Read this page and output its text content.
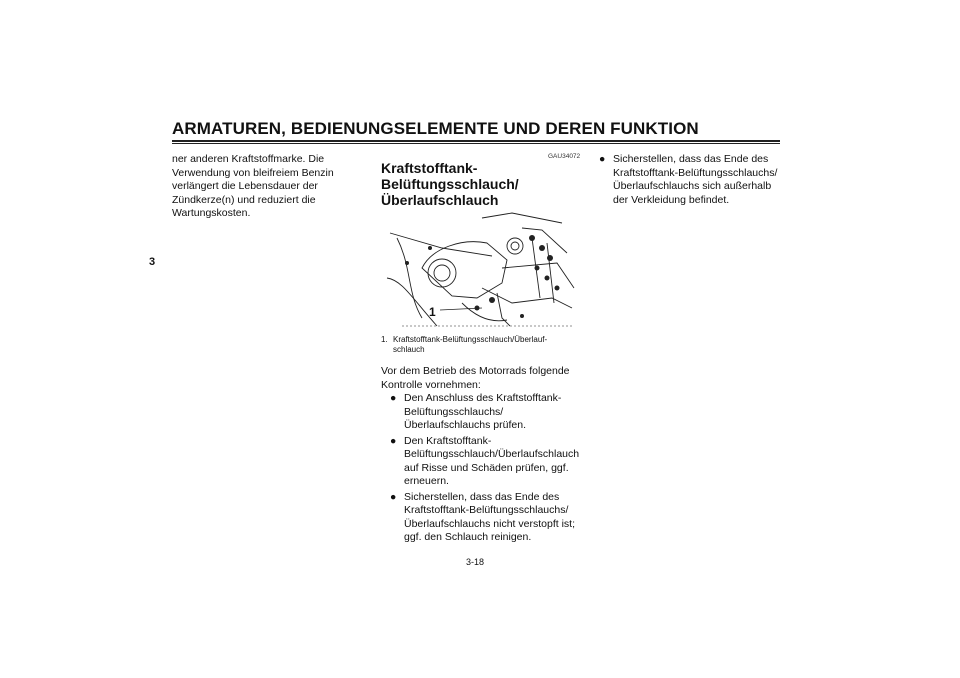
ARMATUREN, BEDIENUNGSELEMENTE UND DEREN FUNKTION
3
ner anderen Kraftstoffmarke. Die Verwendung von bleifreiem Benzin verlängert die Lebensdauer der Zündkerze(n) und reduziert die Wartungskosten.
GAU34072
Kraftstofftank-Belüftungsschlauch/Überlaufschlauch
1
1. Kraftstofftank-Belüftungsschlauch/Überlauf-
schlauch
Vor dem Betrieb des Motorrads folgende Kontrolle vornehmen:
● Den Anschluss des Kraftstofftank-Belüftungsschlauchs/Überlaufschlauchs prüfen.
● Den Kraftstofftank-Belüftungsschlauch/Überlaufschlauch auf Risse und Schäden prüfen, ggf. erneuern.
● Sicherstellen, dass das Ende des Kraftstofftank-Belüftungsschlauchs/Überlaufschlauchs nicht verstopft ist; ggf. den Schlauch reinigen.
● Sicherstellen, dass das Ende des Kraftstofftank-Belüftungsschlauchs/Überlaufschlauchs sich außerhalb der Verkleidung befindet.
3-18
